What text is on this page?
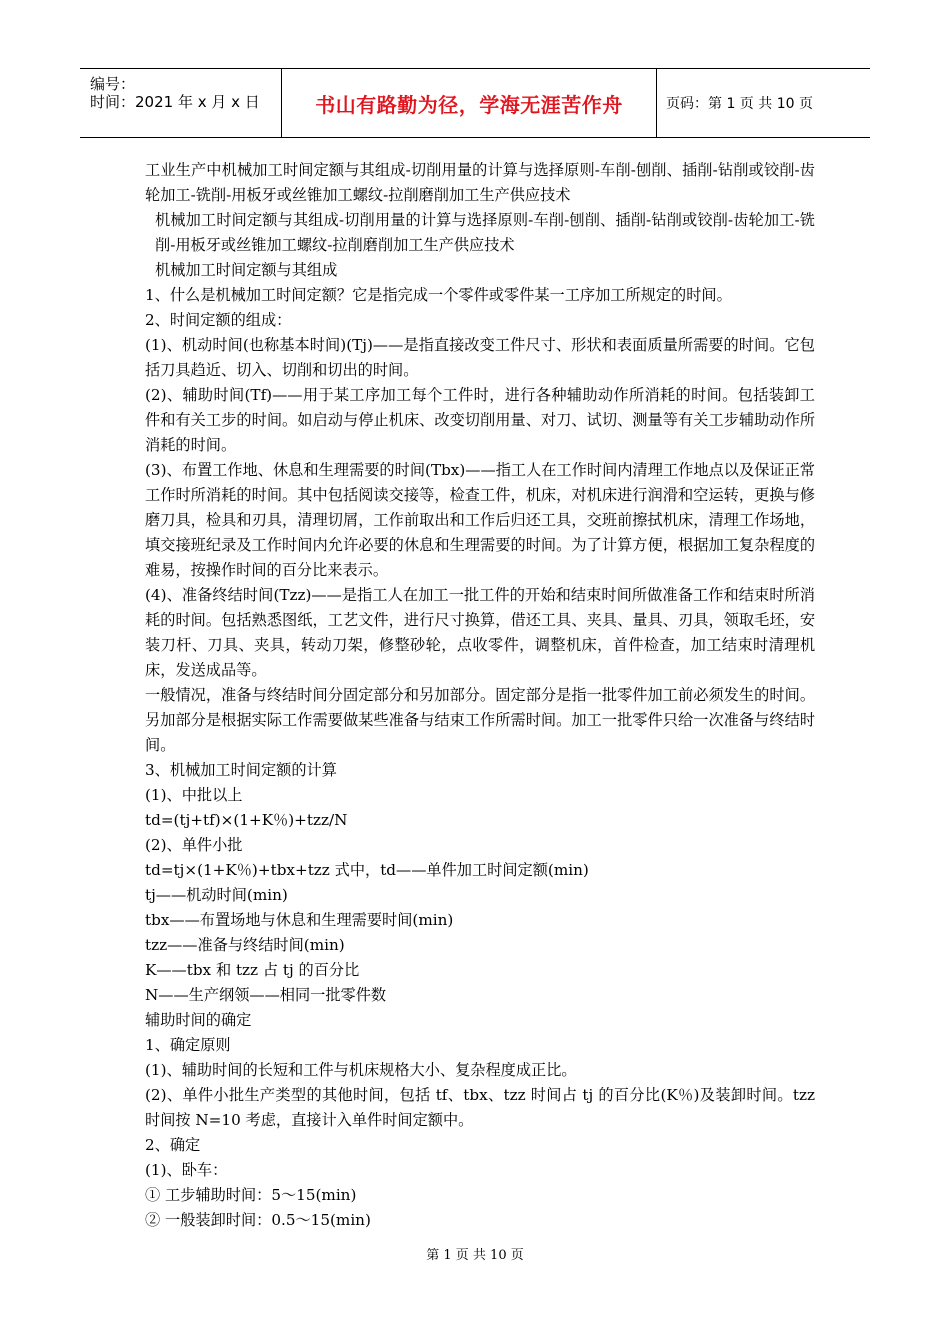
编号：
时间：2021 年 x 月 x 日	书山有路勤为径，学海无涯苦作舟	页码：第 1 页 共 10 页

工业生产中机械加工时间定额与其组成-切削用量的计算与选择原则-车削-刨削、插削-钻削或铰削-齿轮加工-铣削-用板牙或丝锥加工螺纹-拉削磨削加工生产供应技术

机械加工时间定额与其组成-切削用量的计算与选择原则-车削-刨削、插削-钻削或铰削-齿轮加工-铣削-用板牙或丝锥加工螺纹-拉削磨削加工生产供应技术

机械加工时间定额与其组成

1、什么是机械加工时间定额？它是指完成一个零件或零件某一工序加工所规定的时间。

2、时间定额的组成：

(1)、机动时间(也称基本时间)(Tj)——是指直接改变工件尺寸、形状和表面质量所需要的时间。它包括刀具趋近、切入、切削和切出的时间。

(2)、辅助时间(Tf)——用于某工序加工每个工件时，进行各种辅助动作所消耗的时间。包括装卸工件和有关工步的时间。如启动与停止机床、改变切削用量、对刀、试切、测量等有关工步辅助动作所消耗的时间。

(3)、布置工作地、休息和生理需要的时间(Tbx)——指工人在工作时间内清理工作地点以及保证正常工作时所消耗的时间。其中包括阅读交接等，检查工件，机床，对机床进行润滑和空运转，更换与修磨刀具，检具和刃具，清理切屑，工作前取出和工作后归还工具，交班前擦拭机床，清理工作场地，填交接班纪录及工作时间内允许必要的休息和生理需要的时间。为了计算方便，根据加工复杂程度的难易，按操作时间的百分比来表示。

(4)、准备终结时间(Tzz)——是指工人在加工一批工件的开始和结束时间所做准备工作和结束时所消耗的时间。包括熟悉图纸，工艺文件，进行尺寸换算，借还工具、夹具、量具、刃具，领取毛坯，安装刀杆、刀具、夹具，转动刀架，修整砂轮，点收零件，调整机床，首件检查，加工结束时清理机床，发送成品等。

一般情况，准备与终结时间分固定部分和另加部分。固定部分是指一批零件加工前必须发生的时间。另加部分是根据实际工作需要做某些准备与结束工作所需时间。加工一批零件只给一次准备与终结时间。

3、机械加工时间定额的计算

(1)、中批以上

td=(tj+tf)×(1+K％)+tzz/N

(2)、单件小批

td=tj×(1+K％)+tbx+tzz 式中，td——单件加工时间定额(min)

tj——机动时间(min)

tbx——布置场地与休息和生理需要时间(min)

tzz——准备与终结时间(min)

K——tbx 和 tzz 占 tj 的百分比

N——生产纲领——相同一批零件数

辅助时间的确定

1、确定原则

(1)、辅助时间的长短和工件与机床规格大小、复杂程度成正比。

(2)、单件小批生产类型的其他时间，包括 tf、tbx、tzz 时间占 tj 的百分比(K％)及装卸时间。tzz 时间按 N=10 考虑，直接计入单件时间定额中。

2、确定

(1)、卧车：

① 工步辅助时间：5～15(min)

② 一般装卸时间：0.5～15(min)

第 1 页 共 10 页
